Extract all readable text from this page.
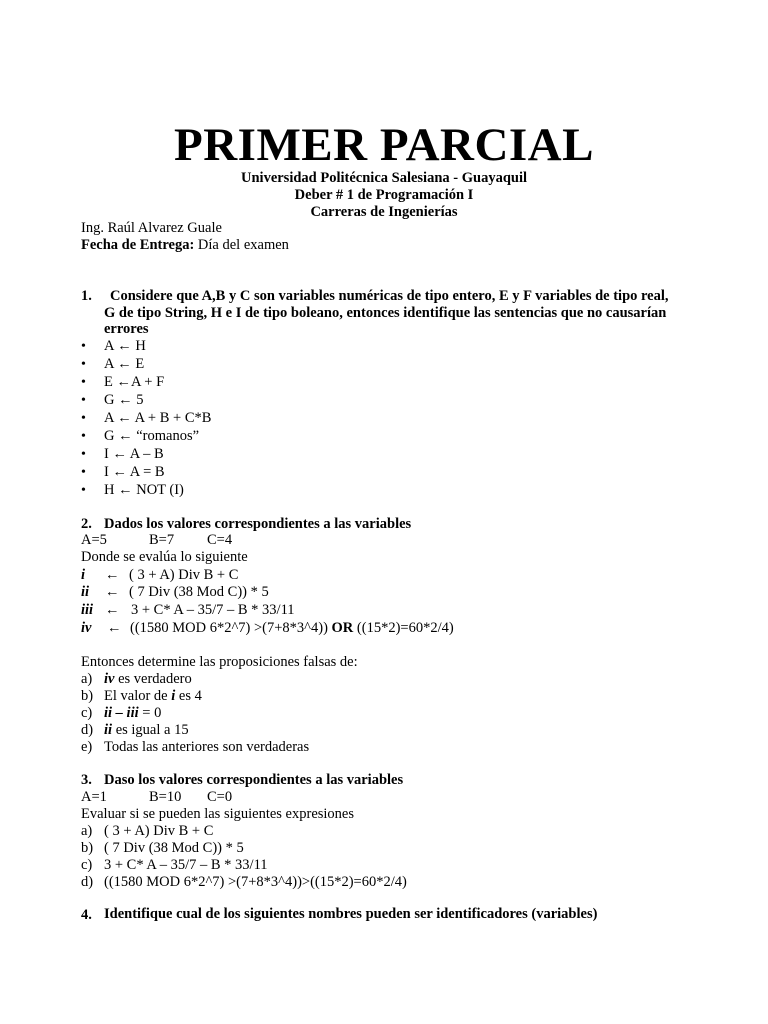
PRIMER PARCIAL
Universidad Politécnica Salesiana - Guayaquil
Deber # 1 de Programación I
Carreras de Ingenierías
Ing. Raúl Alvarez Guale
Fecha de Entrega: Día del examen
1. Considere que A,B y C son variables numéricas de tipo entero, E y F variables de tipo real,
G de tipo String, H e I de tipo boleano, entonces identifique las sentencias que no causarían
errores
• A ← H
• A ← E
• E ←A + F
• G ← 5
• A ← A + B + C*B
• G ← “romanos”
• I ← A – B
• I ← A = B
• H ← NOT (I)
2. Dados los valores correspondientes a las variables
A=5	B=7 C=4
Donde se evalúa lo siguiente
i ← ( 3 + A) Div B + C
ii ← ( 7 Div (38 Mod C)) * 5
iii ← 3 + C* A – 35/7 – B * 33/11
iv ← ((1580 MOD 6*2^7) >(7+8*3^4)) OR ((15*2)=60*2/4)
Entonces determine las proposiciones falsas de:
a) iv es verdadero
b) El valor de i es 4
c) ii – iii = 0
d) ii es igual a 15
e) Todas las anteriores son verdaderas
3. Daso los valores correspondientes a las variables
A=1	B=10 C=0
Evaluar si se pueden las siguientes expresiones
a) ( 3 + A) Div B + C
b) ( 7 Div (38 Mod C)) * 5
c) 3 + C* A – 35/7 – B * 33/11
d) ((1580 MOD 6*2^7) >(7+8*3^4))>((15*2)=60*2/4)
4. Identifique cual de los siguientes nombres pueden ser identificadores (variables)
